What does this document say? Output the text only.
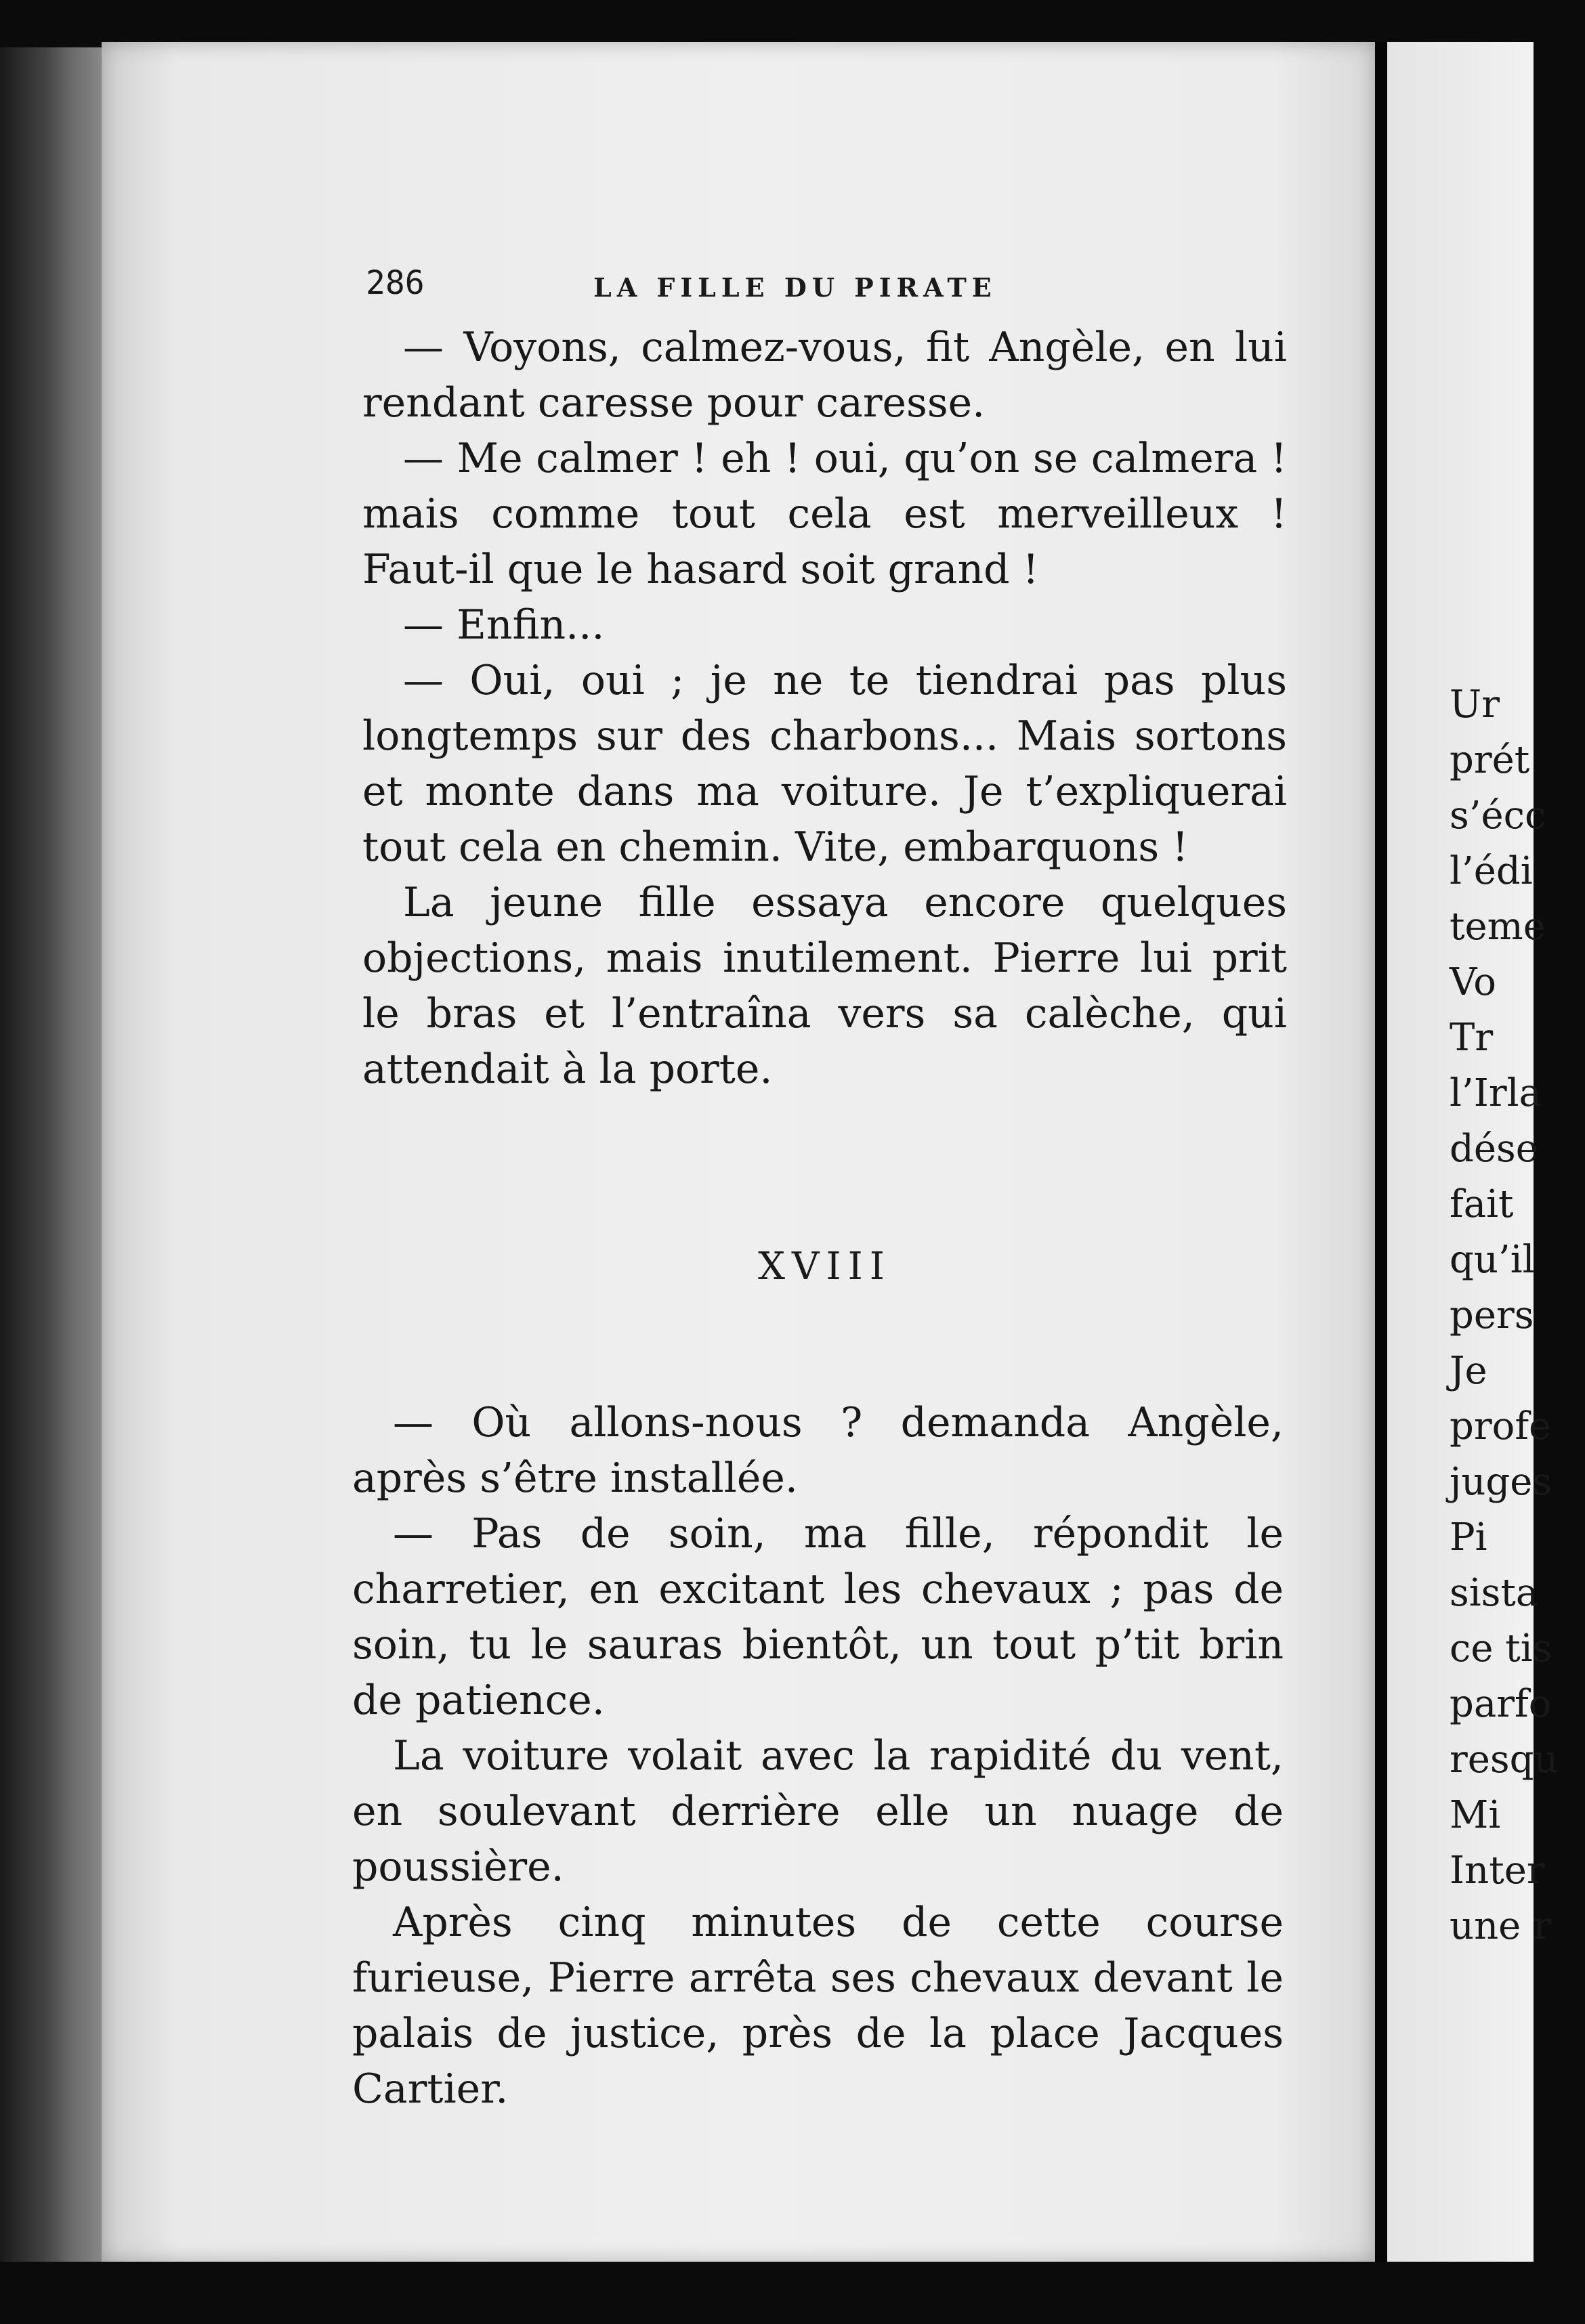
286	LA FILLE DU PIRATE

— Voyons, calmez-vous, fit Angèle, en lui rendant caresse pour caresse.

— Me calmer ! eh ! oui, qu’on se calmera ! mais comme tout cela est merveilleux ! Faut-il que le hasard soit grand !

— Enfin...

— Oui, oui ; je ne te tiendrai pas plus longtemps sur des charbons... Mais sortons et monte dans ma voiture. Je t’expliquerai tout cela en chemin. Vite, embarquons !

La jeune fille essaya encore quelques objections, mais inutilement. Pierre lui prit le bras et l’entraîna vers sa calèche, qui attendait à la porte.

XVIII

— Où allons-nous ? demanda Angèle, après s’être installée.

— Pas de soin, ma fille, répondit le charretier, en excitant les chevaux ; pas de soin, tu le sauras bientôt, un tout p’tit brin de patience.

La voiture volait avec la rapidité du vent, en soulevant derrière elle un nuage de poussière.

Après cinq minutes de cette course furieuse, Pierre arrêta ses chevaux devant le palais de justice, près de la place Jacques Cartier.

Ur
prét
s’écc
l’édi
teme
Vo
Tr
l’Irla
dése
fait
qu’il
pers
Je
profe
juges
Pi
sista
ce tis
parfo
resqu
Mi
Inter
une r
